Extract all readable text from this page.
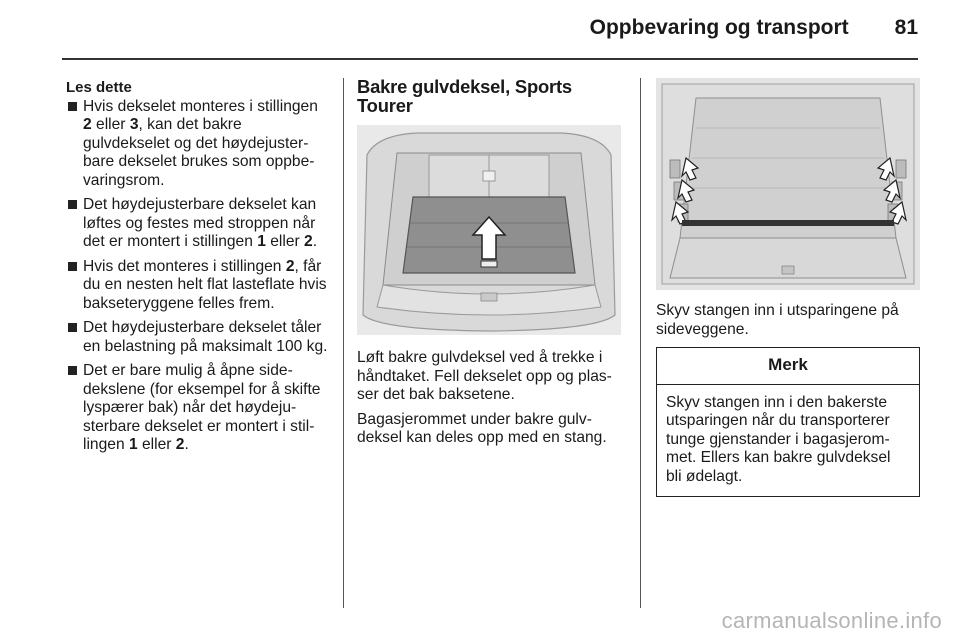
Oppbevaring og transport 81
Les dette
Hvis dekselet monteres i stillingen 2 eller 3, kan det bakre gulvdekselet og det høydejusterbare dekselet brukes som oppbevaringsrom.
Det høydejusterbare dekselet kan løftes og festes med stroppen når det er montert i stillingen 1 eller 2.
Hvis det monteres i stillingen 2, får du en nesten helt flat lasteflate hvis bakseteryggene felles frem.
Det høydejusterbare dekselet tåler en belastning på maksimalt 100 kg.
Det er bare mulig å åpne sidedekslene (for eksempel for å skifte lyspærer bak) når det høydejusterbare dekselet er montert i stillingen 1 eller 2.
Bakre gulvdeksel, Sports Tourer

Løft bakre gulvdeksel ved å trekke i håndtaket. Fell dekselet opp og plasser det bak baksetene.

Bagasjerommet under bakre gulvdeksel kan deles opp med en stang.

Skyv stangen inn i utsparingene på sideveggene.

Merk
Skyv stangen inn i den bakerste utsparingen når du transporterer tunge gjenstander i bagasjerommet. Ellers kan bakre gulvdeksel bli ødelagt.
carmanualsonline.info
